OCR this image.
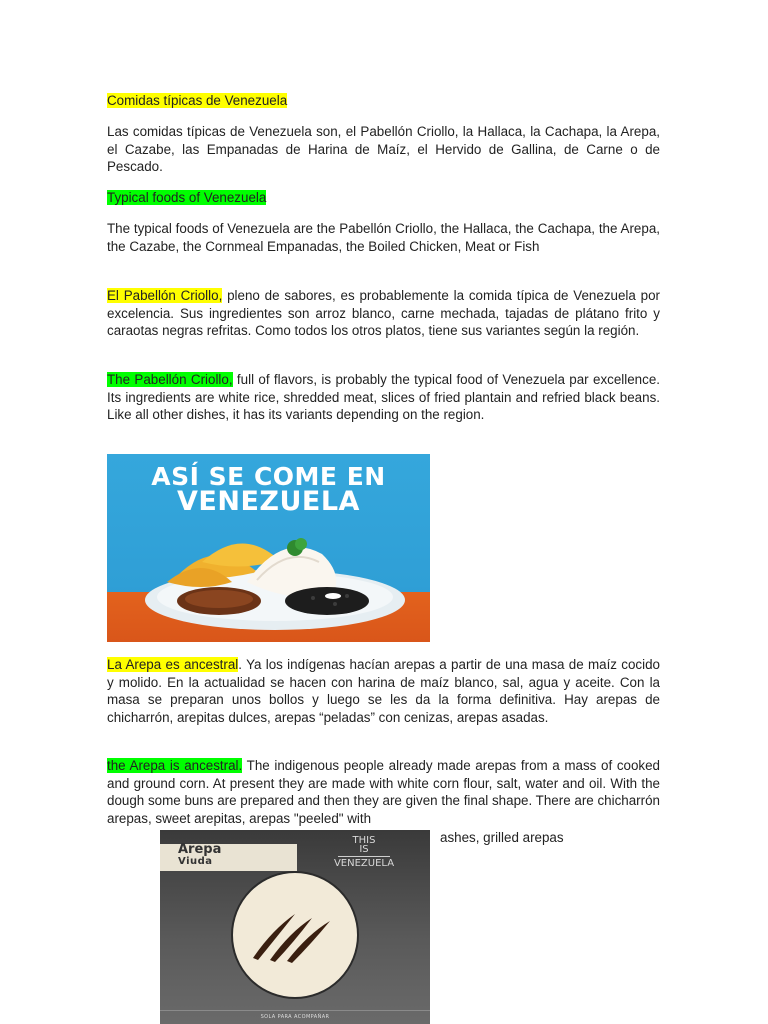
Comidas típicas de Venezuela
Las comidas típicas de Venezuela son, el Pabellón Criollo, la Hallaca, la Cachapa, la Arepa, el Cazabe, las Empanadas de Harina de Maíz, el Hervido de Gallina, de Carne o de Pescado.
Typical foods of Venezuela
The typical foods of Venezuela are the Pabellón Criollo, the Hallaca, the Cachapa, the Arepa, the Cazabe, the Cornmeal Empanadas, the Boiled Chicken, Meat or Fish
El Pabellón Criollo, pleno de sabores, es probablemente la comida típica de Venezuela por excelencia. Sus ingredientes son arroz blanco, carne mechada, tajadas de plátano frito y caraotas negras refritas. Como todos los otros platos, tiene sus variantes según la región.
The Pabellón Criollo, full of flavors, is probably the typical food of Venezuela par excellence. Its ingredients are white rice, shredded meat, slices of fried plantain and refried black beans. Like all other dishes, it has its variants depending on the region.
ASÍ SE COME EN
VENEZUELA
La Arepa es ancestral. Ya los indígenas hacían arepas a partir de una masa de maíz cocido y molido. En la actualidad se hacen con harina de maíz blanco, sal, agua y aceite. Con la masa se preparan unos bollos y luego se les da la forma definitiva. Hay arepas de chicharrón, arepitas dulces, arepas “peladas” con cenizas, arepas asadas.
the Arepa is ancestral. The indigenous people already made arepas from a mass of cooked and ground corn. At present they are made with white corn flour, salt, water and oil. With the dough some buns are prepared and then they are given the final shape. There are chicharrón arepas, sweet arepitas, arepas "peeled" with
ashes, grilled arepas
Arepa
Viuda
THIS
IS
VENEZUELA
SOLA PARA ACOMPAÑAR
